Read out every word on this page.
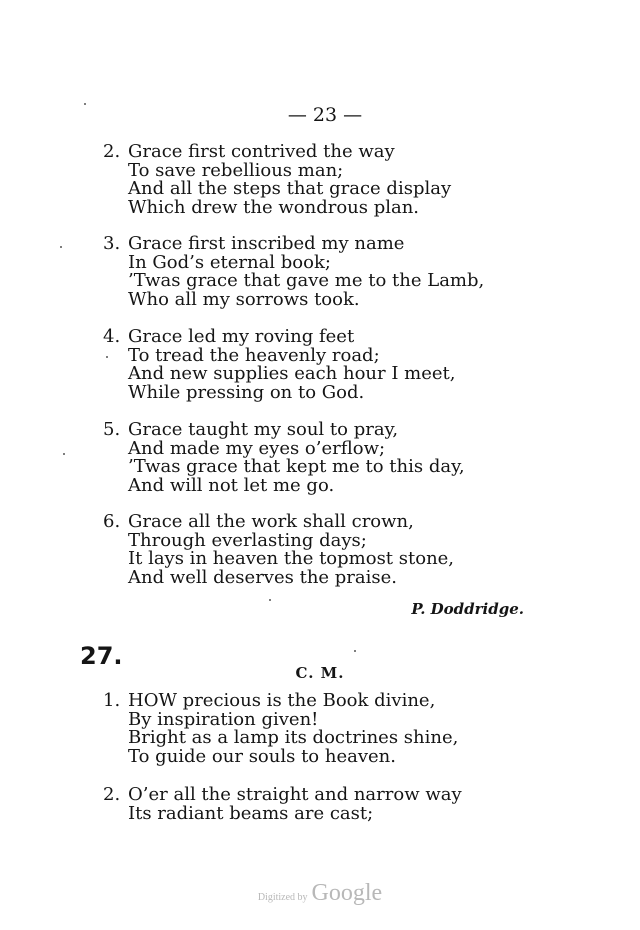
— 23 —
2. Grace first contrived the way
To save rebellious man;
And all the steps that grace display
Which drew the wondrous plan.
3. Grace first inscribed my name
In God’s eternal book;
’Twas grace that gave me to the Lamb,
Who all my sorrows took.
4. Grace led my roving feet
To tread the heavenly road;
And new supplies each hour I meet,
While pressing on to God.
5. Grace taught my soul to pray,
And made my eyes o’erflow;
’Twas grace that kept me to this day,
And will not let me go.
6. Grace all the work shall crown,
Through everlasting days;
It lays in heaven the topmost stone,
And well deserves the praise.
P. Doddridge.
27.
C. M.
1. HOW precious is the Book divine,
By inspiration given!
Bright as a lamp its doctrines shine,
To guide our souls to heaven.
2. O’er all the straight and narrow way
Its radiant beams are cast;
Digitized by Google
